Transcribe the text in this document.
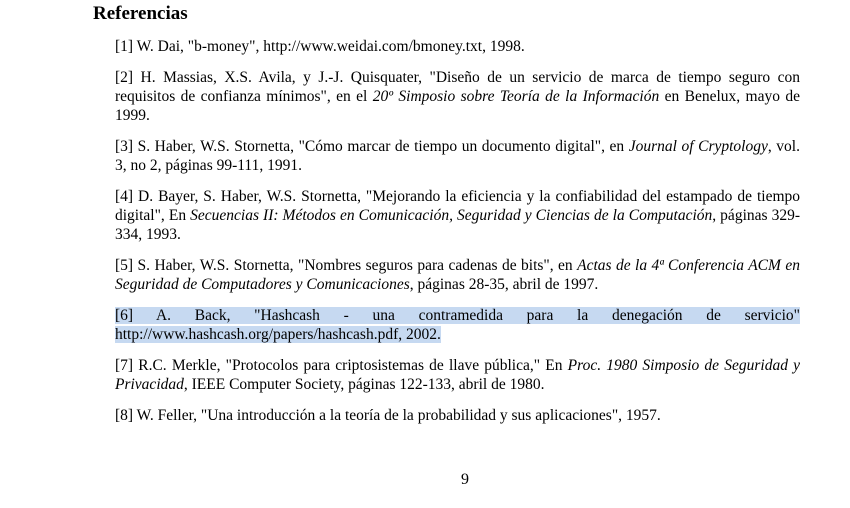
Referencias
[1] W. Dai, "b-money", http://www.weidai.com/bmoney.txt, 1998.
[2] H. Massias, X.S. Avila, y J.-J. Quisquater, "Diseño de un servicio de marca de tiempo seguro con requisitos de confianza mínimos", en el 20º Simposio sobre Teoría de la Información en Benelux, mayo de 1999.
[3] S. Haber, W.S. Stornetta, "Cómo marcar de tiempo un documento digital", en Journal of Cryptology, vol. 3, no 2, páginas 99-111, 1991.
[4] D. Bayer, S. Haber, W.S. Stornetta, "Mejorando la eficiencia y la confiabilidad del estampado de tiempo digital", En Secuencias II: Métodos en Comunicación, Seguridad y Ciencias de la Computación, páginas 329-334, 1993.
[5] S. Haber, W.S. Stornetta, "Nombres seguros para cadenas de bits", en Actas de la 4ª Conferencia ACM en Seguridad de Computadores y Comunicaciones, páginas 28-35, abril de 1997.
[6] A. Back, "Hashcash - una contramedida para la denegación de servicio" http://www.hashcash.org/papers/hashcash.pdf, 2002.
[7] R.C. Merkle, "Protocolos para criptosistemas de llave pública," En Proc. 1980 Simposio de Seguridad y Privacidad, IEEE Computer Society, páginas 122-133, abril de 1980.
[8] W. Feller, "Una introducción a la teoría de la probabilidad y sus aplicaciones", 1957.
9
